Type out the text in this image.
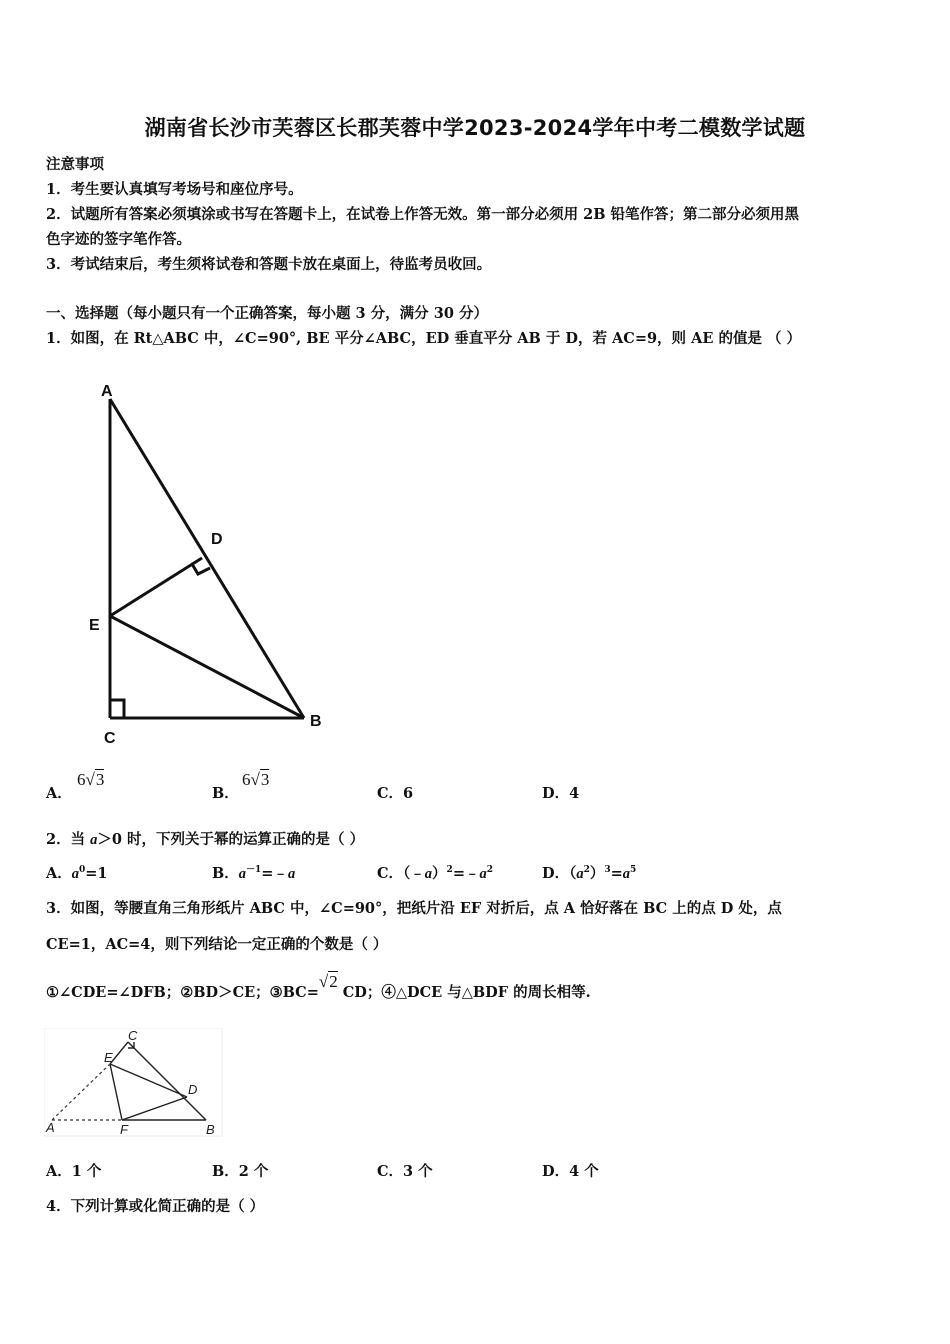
湖南省长沙市芙蓉区长郡芙蓉中学2023-2024学年中考二模数学试题
注意事项
1．考生要认真填写考场号和座位序号。
2．试题所有答案必须填涂或书写在答题卡上，在试卷上作答无效。第一部分必须用 2B 铅笔作答；第二部分必须用黑
色字迹的签字笔作答。
3．考试结束后，考生须将试卷和答题卡放在桌面上，待监考员收回。
一、选择题（每小题只有一个正确答案，每小题 3 分，满分 30 分）
1．如图，在 Rt△ABC 中，∠C=90°, BE 平分∠ABC，ED 垂直平分 AB 于 D，若 AC=9，则 AE 的值是 （ ）
A
D
E
C
B
A．
6√3
B．
6√3
C．6	D．4
2．当 a＞0 时，下列关于幂的运算正确的是（ ）
A．$a^0=1$	B．$a^{-1}=﹣a$	C．$(﹣a)^2=﹣a^2$	D．$(a^2)^3=a^5$
3．如图，等腰直角三角形纸片 ABC 中，∠C=90°，把纸片沿 EF 对折后，点 A 恰好落在 BC 上的点 D 处，点
CE=1，AC=4，则下列结论一定正确的个数是（ ）
①∠CDE=∠DFB；②BD＞CE；③BC=√2 CD；④△DCE 与△BDF 的周长相等.
C
E
D
A	F	B
A．1 个	B．2 个	C．3 个	D．4 个
4．下列计算或化简正确的是（ ）
